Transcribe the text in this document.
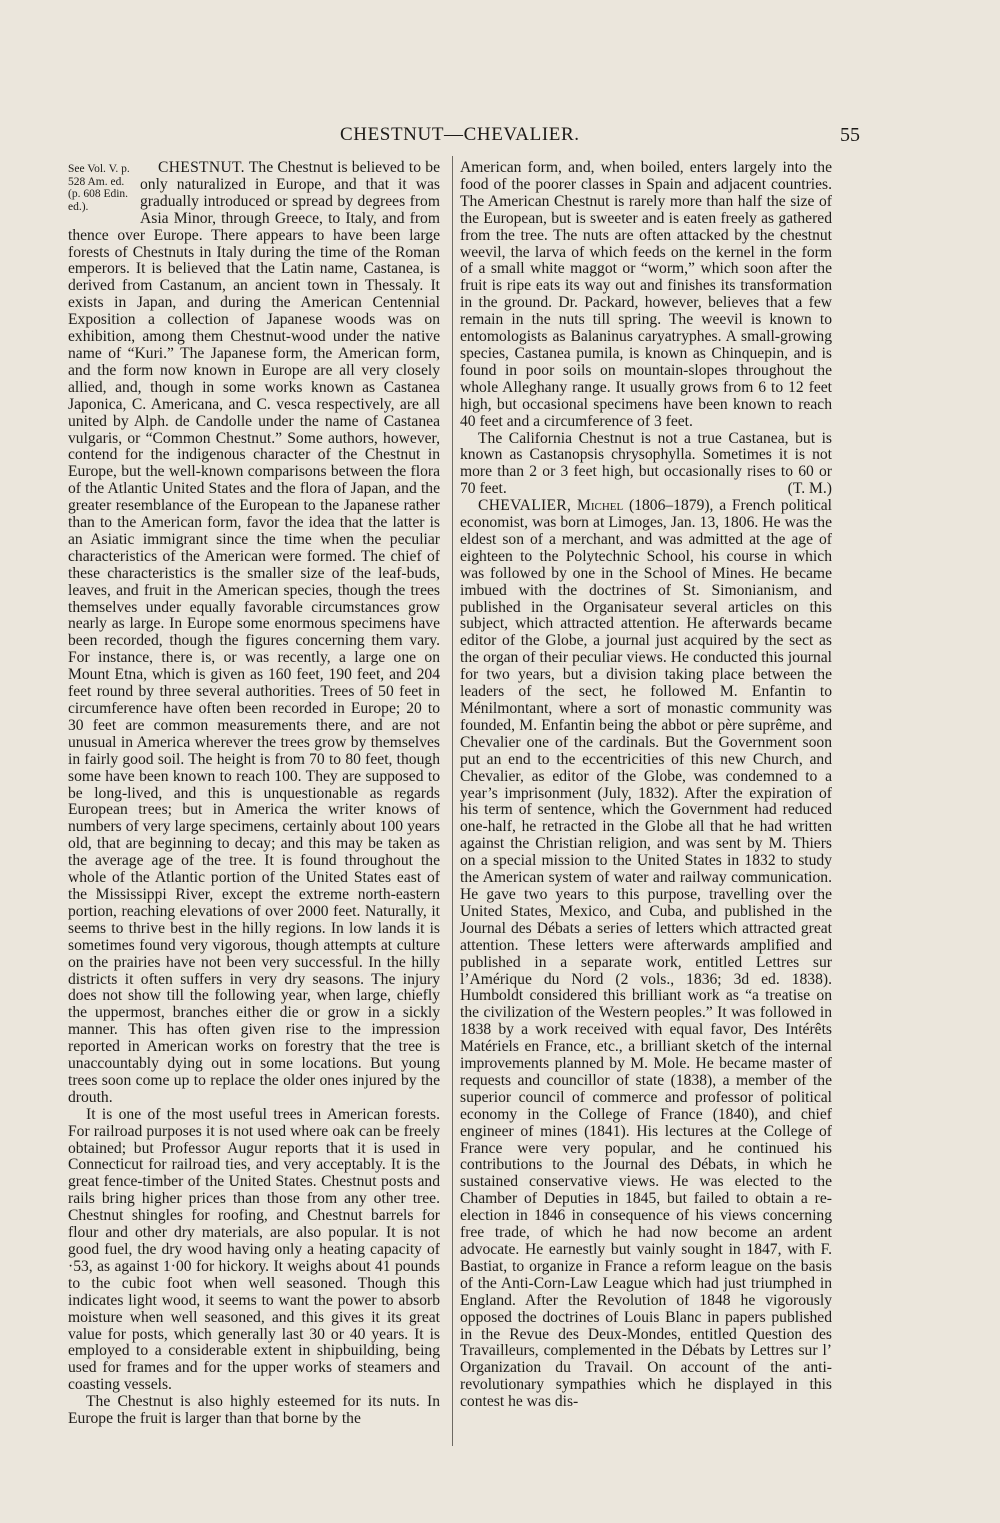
CHESTNUT—CHEVALIER.	55

See Vol. V. p. 528 Am. ed. (p. 608 Edin. ed.).
CHESTNUT. The Chestnut is believed to be only naturalized in Europe, and that it was gradually introduced or spread by degrees from Asia Minor, through Greece, to Italy, and from thence over Europe. There appears to have been large forests of Chestnuts in Italy during the time of the Roman emperors. It is believed that the Latin name, Castanea, is derived from Castanum, an ancient town in Thessaly. It exists in Japan, and during the American Centennial Exposition a collection of Japanese woods was on exhibition, among them Chestnut-wood under the native name of “Kuri.” The Japanese form, the American form, and the form now known in Europe are all very closely allied, and, though in some works known as Castanea Japonica, C. Americana, and C. vesca respectively, are all united by Alph. de Candolle under the name of Castanea vulgaris, or “Common Chestnut.” Some authors, however, contend for the indigenous character of the Chestnut in Europe, but the well-known comparisons between the flora of the Atlantic United States and the flora of Japan, and the greater resemblance of the European to the Japanese rather than to the American form, favor the idea that the latter is an Asiatic immigrant since the time when the peculiar characteristics of the American were formed. The chief of these characteristics is the smaller size of the leaf-buds, leaves, and fruit in the American species, though the trees themselves under equally favorable circumstances grow nearly as large. In Europe some enormous specimens have been recorded, though the figures concerning them vary. For instance, there is, or was recently, a large one on Mount Etna, which is given as 160 feet, 190 feet, and 204 feet round by three several authorities. Trees of 50 feet in circumference have often been recorded in Europe; 20 to 30 feet are common measurements there, and are not unusual in America wherever the trees grow by themselves in fairly good soil. The height is from 70 to 80 feet, though some have been known to reach 100. They are supposed to be long-lived, and this is unquestionable as regards European trees; but in America the writer knows of numbers of very large specimens, certainly about 100 years old, that are beginning to decay; and this may be taken as the average age of the tree. It is found throughout the whole of the Atlantic portion of the United States east of the Mississippi River, except the extreme north-eastern portion, reaching elevations of over 2000 feet. Naturally, it seems to thrive best in the hilly regions. In low lands it is sometimes found very vigorous, though attempts at culture on the prairies have not been very successful. In the hilly districts it often suffers in very dry seasons. The injury does not show till the following year, when large, chiefly the uppermost, branches either die or grow in a sickly manner. This has often given rise to the impression reported in American works on forestry that the tree is unaccountably dying out in some locations. But young trees soon come up to replace the older ones injured by the drouth.

It is one of the most useful trees in American forests. For railroad purposes it is not used where oak can be freely obtained; but Professor Augur reports that it is used in Connecticut for railroad ties, and very acceptably. It is the great fence-timber of the United States. Chestnut posts and rails bring higher prices than those from any other tree. Chestnut shingles for roofing, and Chestnut barrels for flour and other dry materials, are also popular. It is not good fuel, the dry wood having only a heating capacity of ·53, as against 1·00 for hickory. It weighs about 41 pounds to the cubic foot when well seasoned. Though this indicates light wood, it seems to want the power to absorb moisture when well seasoned, and this gives it its great value for posts, which generally last 30 or 40 years. It is employed to a considerable extent in shipbuilding, being used for frames and for the upper works of steamers and coasting vessels.

The Chestnut is also highly esteemed for its nuts. In Europe the fruit is larger than that borne by the

American form, and, when boiled, enters largely into the food of the poorer classes in Spain and adjacent countries. The American Chestnut is rarely more than half the size of the European, but is sweeter and is eaten freely as gathered from the tree. The nuts are often attacked by the chestnut weevil, the larva of which feeds on the kernel in the form of a small white maggot or “worm,” which soon after the fruit is ripe eats its way out and finishes its transformation in the ground. Dr. Packard, however, believes that a few remain in the nuts till spring. The weevil is known to entomologists as Balaninus caryatryphes. A small-growing species, Castanea pumila, is known as Chinquepin, and is found in poor soils on mountain-slopes throughout the whole Alleghany range. It usually grows from 6 to 12 feet high, but occasional specimens have been known to reach 40 feet and a circumference of 3 feet.

The California Chestnut is not a true Castanea, but is known as Castanopsis chrysophylla. Sometimes it is not more than 2 or 3 feet high, but occasionally rises to 60 or 70 feet.	(T. M.)

CHEVALIER, Michel (1806–1879), a French political economist, was born at Limoges, Jan. 13, 1806. He was the eldest son of a merchant, and was admitted at the age of eighteen to the Polytechnic School, his course in which was followed by one in the School of Mines. He became imbued with the doctrines of St. Simonianism, and published in the Organisateur several articles on this subject, which attracted attention. He afterwards became editor of the Globe, a journal just acquired by the sect as the organ of their peculiar views. He conducted this journal for two years, but a division taking place between the leaders of the sect, he followed M. Enfantin to Ménilmontant, where a sort of monastic community was founded, M. Enfantin being the abbot or père suprême, and Chevalier one of the cardinals. But the Government soon put an end to the eccentricities of this new Church, and Chevalier, as editor of the Globe, was condemned to a year’s imprisonment (July, 1832). After the expiration of his term of sentence, which the Government had reduced one-half, he retracted in the Globe all that he had written against the Christian religion, and was sent by M. Thiers on a special mission to the United States in 1832 to study the American system of water and railway communication. He gave two years to this purpose, travelling over the United States, Mexico, and Cuba, and published in the Journal des Débats a series of letters which attracted great attention. These letters were afterwards amplified and published in a separate work, entitled Lettres sur l’Amérique du Nord (2 vols., 1836; 3d ed. 1838). Humboldt considered this brilliant work as “a treatise on the civilization of the Western peoples.” It was followed in 1838 by a work received with equal favor, Des Intérêts Matériels en France, etc., a brilliant sketch of the internal improvements planned by M. Mole. He became master of requests and councillor of state (1838), a member of the superior council of commerce and professor of political economy in the College of France (1840), and chief engineer of mines (1841). His lectures at the College of France were very popular, and he continued his contributions to the Journal des Débats, in which he sustained conservative views. He was elected to the Chamber of Deputies in 1845, but failed to obtain a re-election in 1846 in consequence of his views concerning free trade, of which he had now become an ardent advocate. He earnestly but vainly sought in 1847, with F. Bastiat, to organize in France a reform league on the basis of the Anti-Corn-Law League which had just triumphed in England. After the Revolution of 1848 he vigorously opposed the doctrines of Louis Blanc in papers published in the Revue des Deux-Mondes, entitled Question des Travailleurs, complemented in the Débats by Lettres sur l’ Organization du Travail. On account of the anti-revolutionary sympathies which he displayed in this contest he was dis-
